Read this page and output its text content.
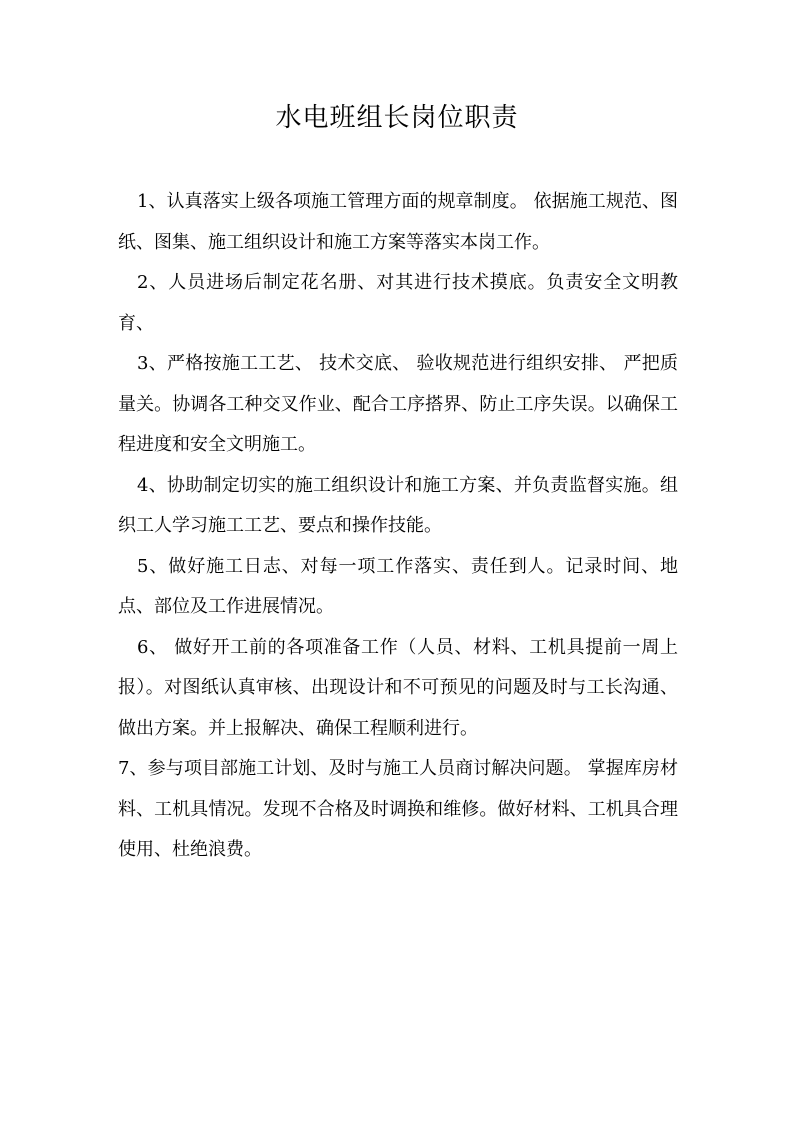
水电班组长岗位职责

1、认真落实上级各项施工管理方面的规章制度。 依据施工规范、图纸、图集、施工组织设计和施工方案等落实本岗工作。

2、人员进场后制定花名册、对其进行技术摸底。负责安全文明教育、

3、严格按施工工艺、 技术交底、 验收规范进行组织安排、 严把质量关。协调各工种交叉作业、配合工序搭界、防止工序失误。以确保工程进度和安全文明施工。

4、协助制定切实的施工组织设计和施工方案、并负责监督实施。组织工人学习施工工艺、要点和操作技能。

5、做好施工日志、对每一项工作落实、责任到人。记录时间、地点、部位及工作进展情况。

6、 做好开工前的各项准备工作（人员、材料、工机具提前一周上报）。对图纸认真审核、出现设计和不可预见的问题及时与工长沟通、做出方案。并上报解决、确保工程顺利进行。

7、参与项目部施工计划、及时与施工人员商讨解决问题。 掌握库房材料、工机具情况。发现不合格及时调换和维修。做好材料、工机具合理使用、杜绝浪费。
